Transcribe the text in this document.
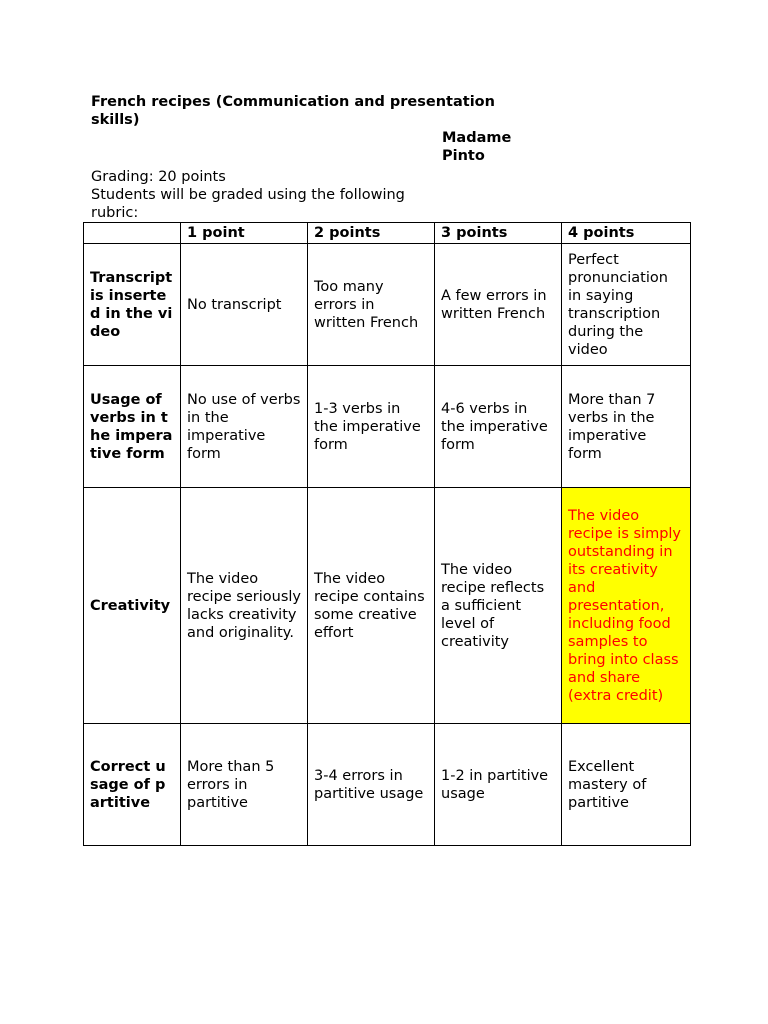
French recipes (Communication and presentation skills)
Madame Pinto
Grading: 20 points
Students will be graded using the following
rubric:
	1 point	2 points	3 points	4 points
Transcript is inserted in the video	No transcript	Too many errors in written French	A few errors in written French	Perfect pronunciation in saying transcription during the video
Usage of verbs in the imperative form	No use of verbs in the imperative form	1-3 verbs in the imperative form	4-6 verbs in the imperative form	More than 7 verbs in the imperative form
Creativity	The video recipe seriously lacks creativity and originality.	The video recipe contains some creative effort	The video recipe reflects a sufficient level of creativity	The video recipe is simply outstanding in its creativity and presentation, including food samples to bring into class and share (extra credit)
Correct usage of partitive	More than 5 errors in partitive	3-4 errors in partitive usage	1-2 in partitive usage	Excellent mastery of partitive
